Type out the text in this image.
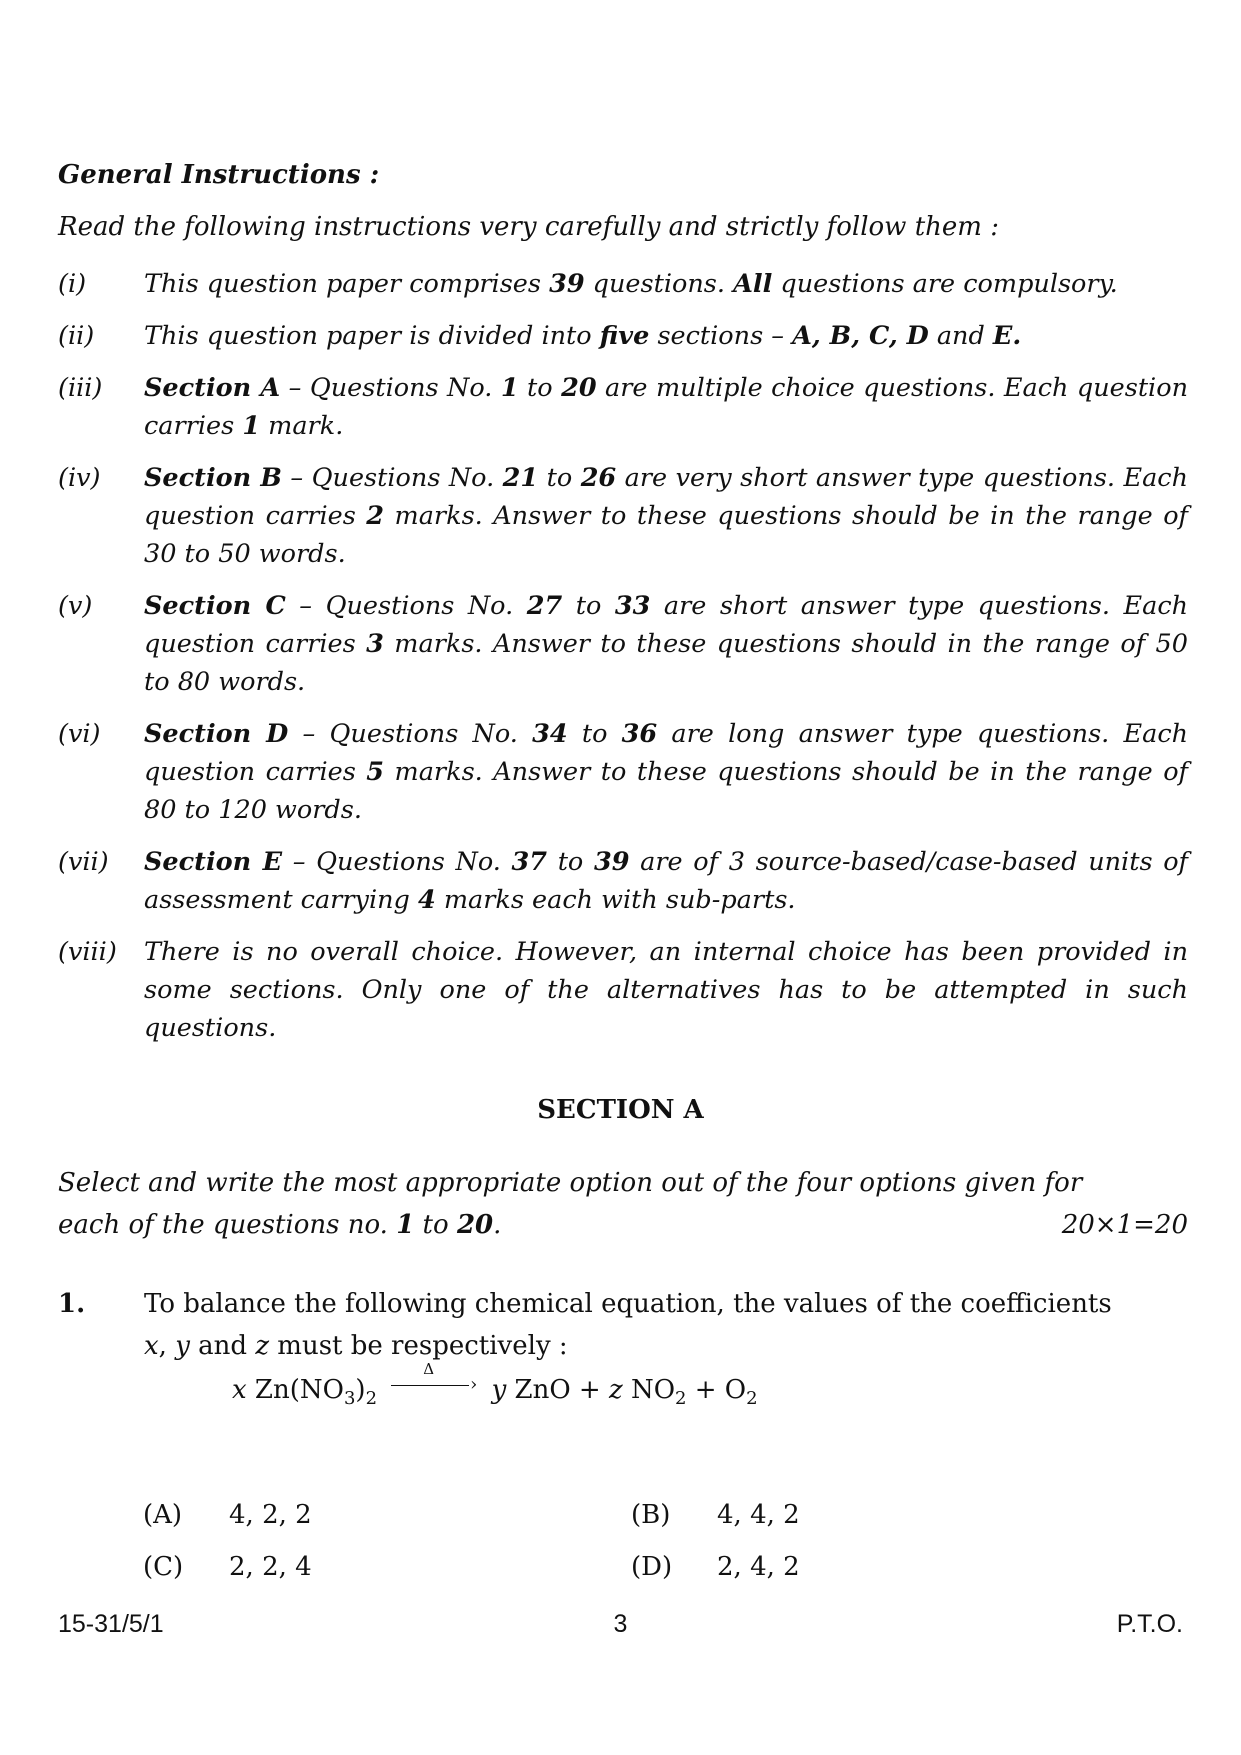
General Instructions :
Read the following instructions very carefully and strictly follow them :
(i)	This question paper comprises 39 questions. All questions are compulsory.
(ii)	This question paper is divided into five sections – A, B, C, D and E.
(iii)	Section A – Questions No. 1 to 20 are multiple choice questions. Each question carries 1 mark.
(iv)	Section B – Questions No. 21 to 26 are very short answer type questions. Each question carries 2 marks. Answer to these questions should be in the range of 30 to 50 words.
(v)	Section C – Questions No. 27 to 33 are short answer type questions. Each question carries 3 marks. Answer to these questions should in the range of 50 to 80 words.
(vi)	Section D – Questions No. 34 to 36 are long answer type questions. Each question carries 5 marks. Answer to these questions should be in the range of 80 to 120 words.
(vii)	Section E – Questions No. 37 to 39 are of 3 source-based/case-based units of assessment carrying 4 marks each with sub-parts.
(viii)	There is no overall choice. However, an internal choice has been provided in some sections. Only one of the alternatives has to be attempted in such questions.
SECTION A
Select and write the most appropriate option out of the four options given for each of the questions no. 1 to 20.	20×1=20
1. To balance the following chemical equation, the values of the coefficients
x, y and z must be respectively :
x $Zn(NO_3)_2$
Δ
› y ZnO + z $NO_2 + O_2$
(A) 4, 2, 2	(B) 4, 4, 2
(C) 2, 2, 4	(D) 2, 4, 2
15-31/5/1	3	P.T.O.
